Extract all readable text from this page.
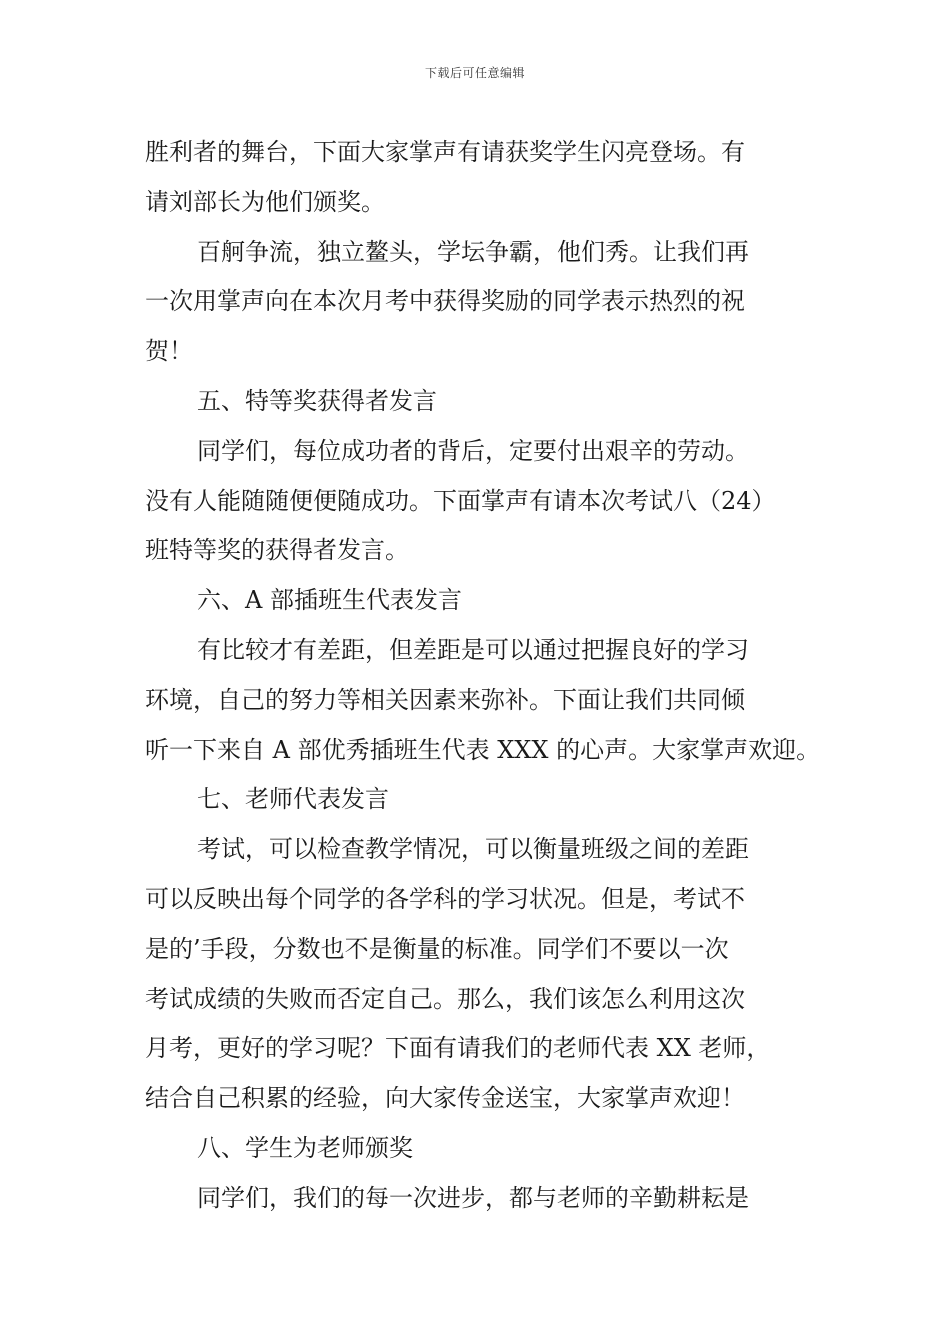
下载后可任意编辑

胜利者的舞台，下面大家掌声有请获奖学生闪亮登场。有
请刘部长为他们颁奖。

百舸争流，独立鳌头，学坛争霸，他们秀。让我们再
一次用掌声向在本次月考中获得奖励的同学表示热烈的祝
贺！

五、特等奖获得者发言

同学们，每位成功者的背后，定要付出艰辛的劳动。
没有人能随随便便随成功。下面掌声有请本次考试八（24）
班特等奖的获得者发言。

六、A 部插班生代表发言

有比较才有差距，但差距是可以通过把握良好的学习
环境，自己的努力等相关因素来弥补。下面让我们共同倾
听一下来自 A 部优秀插班生代表 XXX 的心声。大家掌声欢迎。

七、老师代表发言

考试，可以检查教学情况，可以衡量班级之间的差距
可以反映出每个同学的各学科的学习状况。但是，考试不
是的’手段，分数也不是衡量的标准。同学们不要以一次
考试成绩的失败而否定自己。那么，我们该怎么利用这次
月考，更好的学习呢？下面有请我们的老师代表 XX 老师，
结合自己积累的经验，向大家传金送宝，大家掌声欢迎！

八、学生为老师颁奖

同学们，我们的每一次进步，都与老师的辛勤耕耘是
